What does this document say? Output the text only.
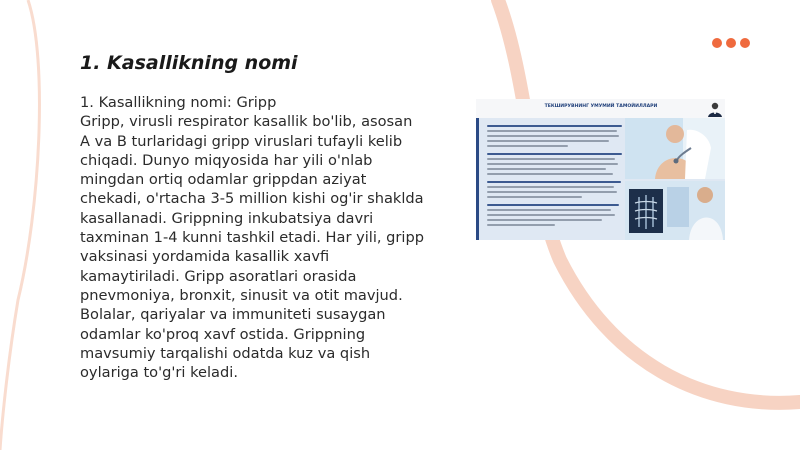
1. Kasallikning nomi

1. Kasallikning nomi: Gripp
Gripp, virusli respirator kasallik bo'lib, asosan A va B turlaridagi gripp viruslari tufayli kelib chiqadi. Dunyo miqyosida har yili o'nlab mingdan ortiq odamlar grippdan aziyat chekadi, o'rtacha 3-5 million kishi og'ir shaklda kasallanadi. Grippning inkubatsiya davri taxminan 1-4 kunni tashkil etadi. Har yili, gripp vaksinasi yordamida kasallik xavfi kamaytiriladi. Gripp asoratlari orasida pnevmoniya, bronxit, sinusit va otit mavjud. Bolalar, qariyalar va immuniteti susaygan odamlar ko'proq xavf ostida. Grippning mavsumiy tarqalishi odatda kuz va qish oylariga to'g'ri keladi.

ТЕКШИРУВНИНГ УМУМИЙ ТАМОЙИЛЛАРИ
